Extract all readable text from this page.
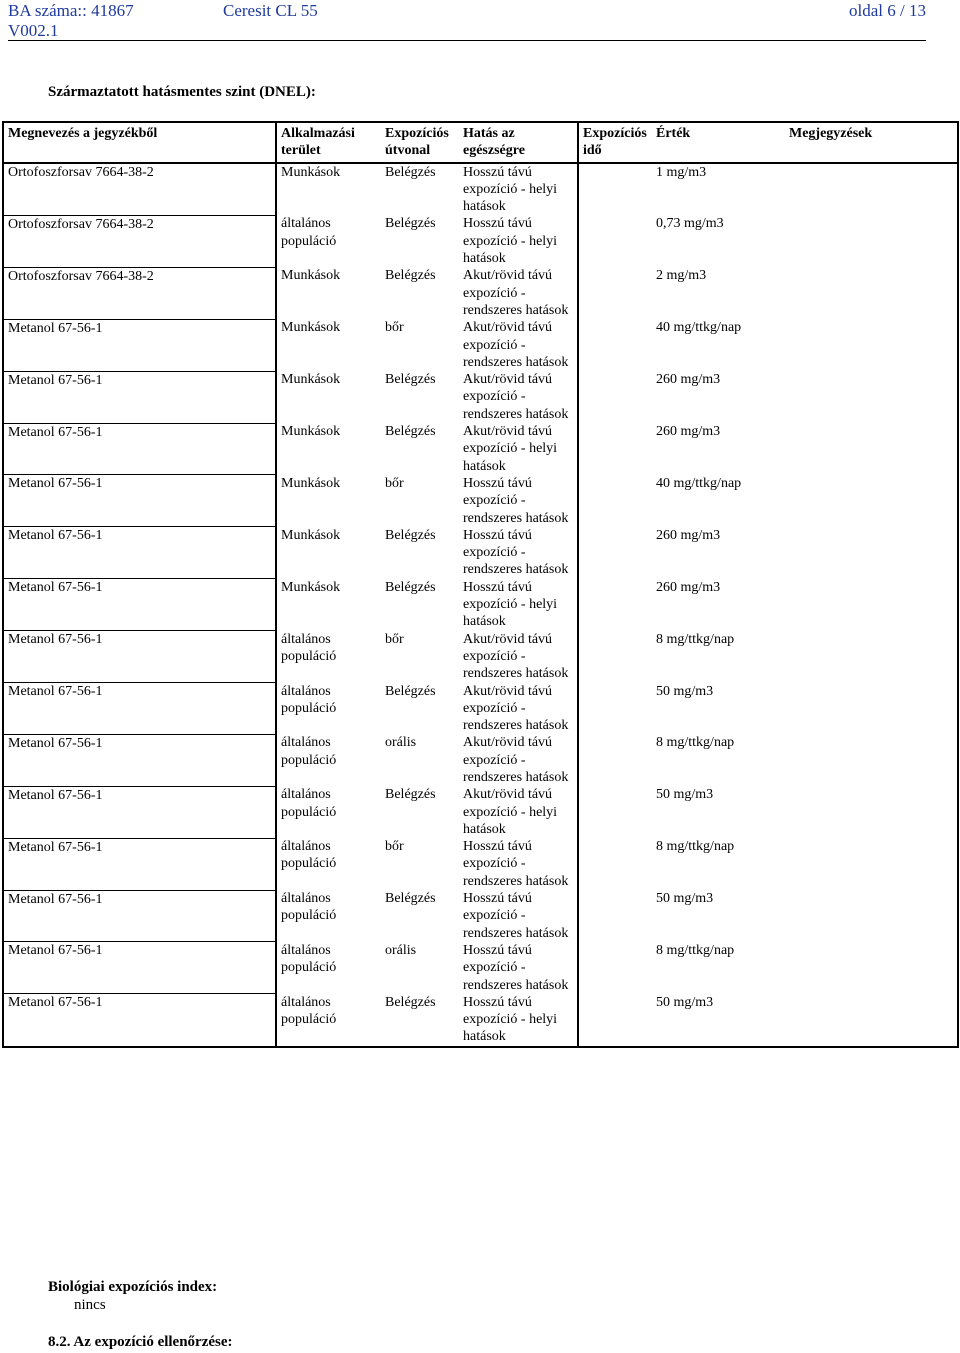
BA száma:: 41867
V002.1
Ceresit CL 55	oldal 6 / 13
Származtatott hatásmentes szint (DNEL):
Megnevezés a jegyzékből	Alkalmazási terület	Expozíciós útvonal	Hatás az egészségre	Expozíciós idő	Érték	Megjegyzések
Ortofoszforsav 7664-38-2	Munkások	Belégzés	Hosszú távú expozíció - helyi hatások		1 mg/m3	
Ortofoszforsav 7664-38-2	általános populáció	Belégzés	Hosszú távú expozíció - helyi hatások		0,73 mg/m3	
Ortofoszforsav 7664-38-2	Munkások	Belégzés	Akut/rövid távú expozíció - rendszeres hatások		2 mg/m3	
Metanol 67-56-1	Munkások	bőr	Akut/rövid távú expozíció - rendszeres hatások		40 mg/ttkg/nap	
Metanol 67-56-1	Munkások	Belégzés	Akut/rövid távú expozíció - rendszeres hatások		260 mg/m3	
Metanol 67-56-1	Munkások	Belégzés	Akut/rövid távú expozíció - helyi hatások		260 mg/m3	
Metanol 67-56-1	Munkások	bőr	Hosszú távú expozíció - rendszeres hatások		40 mg/ttkg/nap	
Metanol 67-56-1	Munkások	Belégzés	Hosszú távú expozíció - rendszeres hatások		260 mg/m3	
Metanol 67-56-1	Munkások	Belégzés	Hosszú távú expozíció - helyi hatások		260 mg/m3	
Metanol 67-56-1	általános populáció	bőr	Akut/rövid távú expozíció - rendszeres hatások		8 mg/ttkg/nap	
Metanol 67-56-1	általános populáció	Belégzés	Akut/rövid távú expozíció - rendszeres hatások		50 mg/m3	
Metanol 67-56-1	általános populáció	orális	Akut/rövid távú expozíció - rendszeres hatások		8 mg/ttkg/nap	
Metanol 67-56-1	általános populáció	Belégzés	Akut/rövid távú expozíció - helyi hatások		50 mg/m3	
Metanol 67-56-1	általános populáció	bőr	Hosszú távú expozíció - rendszeres hatások		8 mg/ttkg/nap	
Metanol 67-56-1	általános populáció	Belégzés	Hosszú távú expozíció - rendszeres hatások		50 mg/m3	
Metanol 67-56-1	általános populáció	orális	Hosszú távú expozíció - rendszeres hatások		8 mg/ttkg/nap	
Metanol 67-56-1	általános populáció	Belégzés	Hosszú távú expozíció - helyi hatások		50 mg/m3	
Biológiai expozíciós index:
nincs
8.2. Az expozíció ellenőrzése:
